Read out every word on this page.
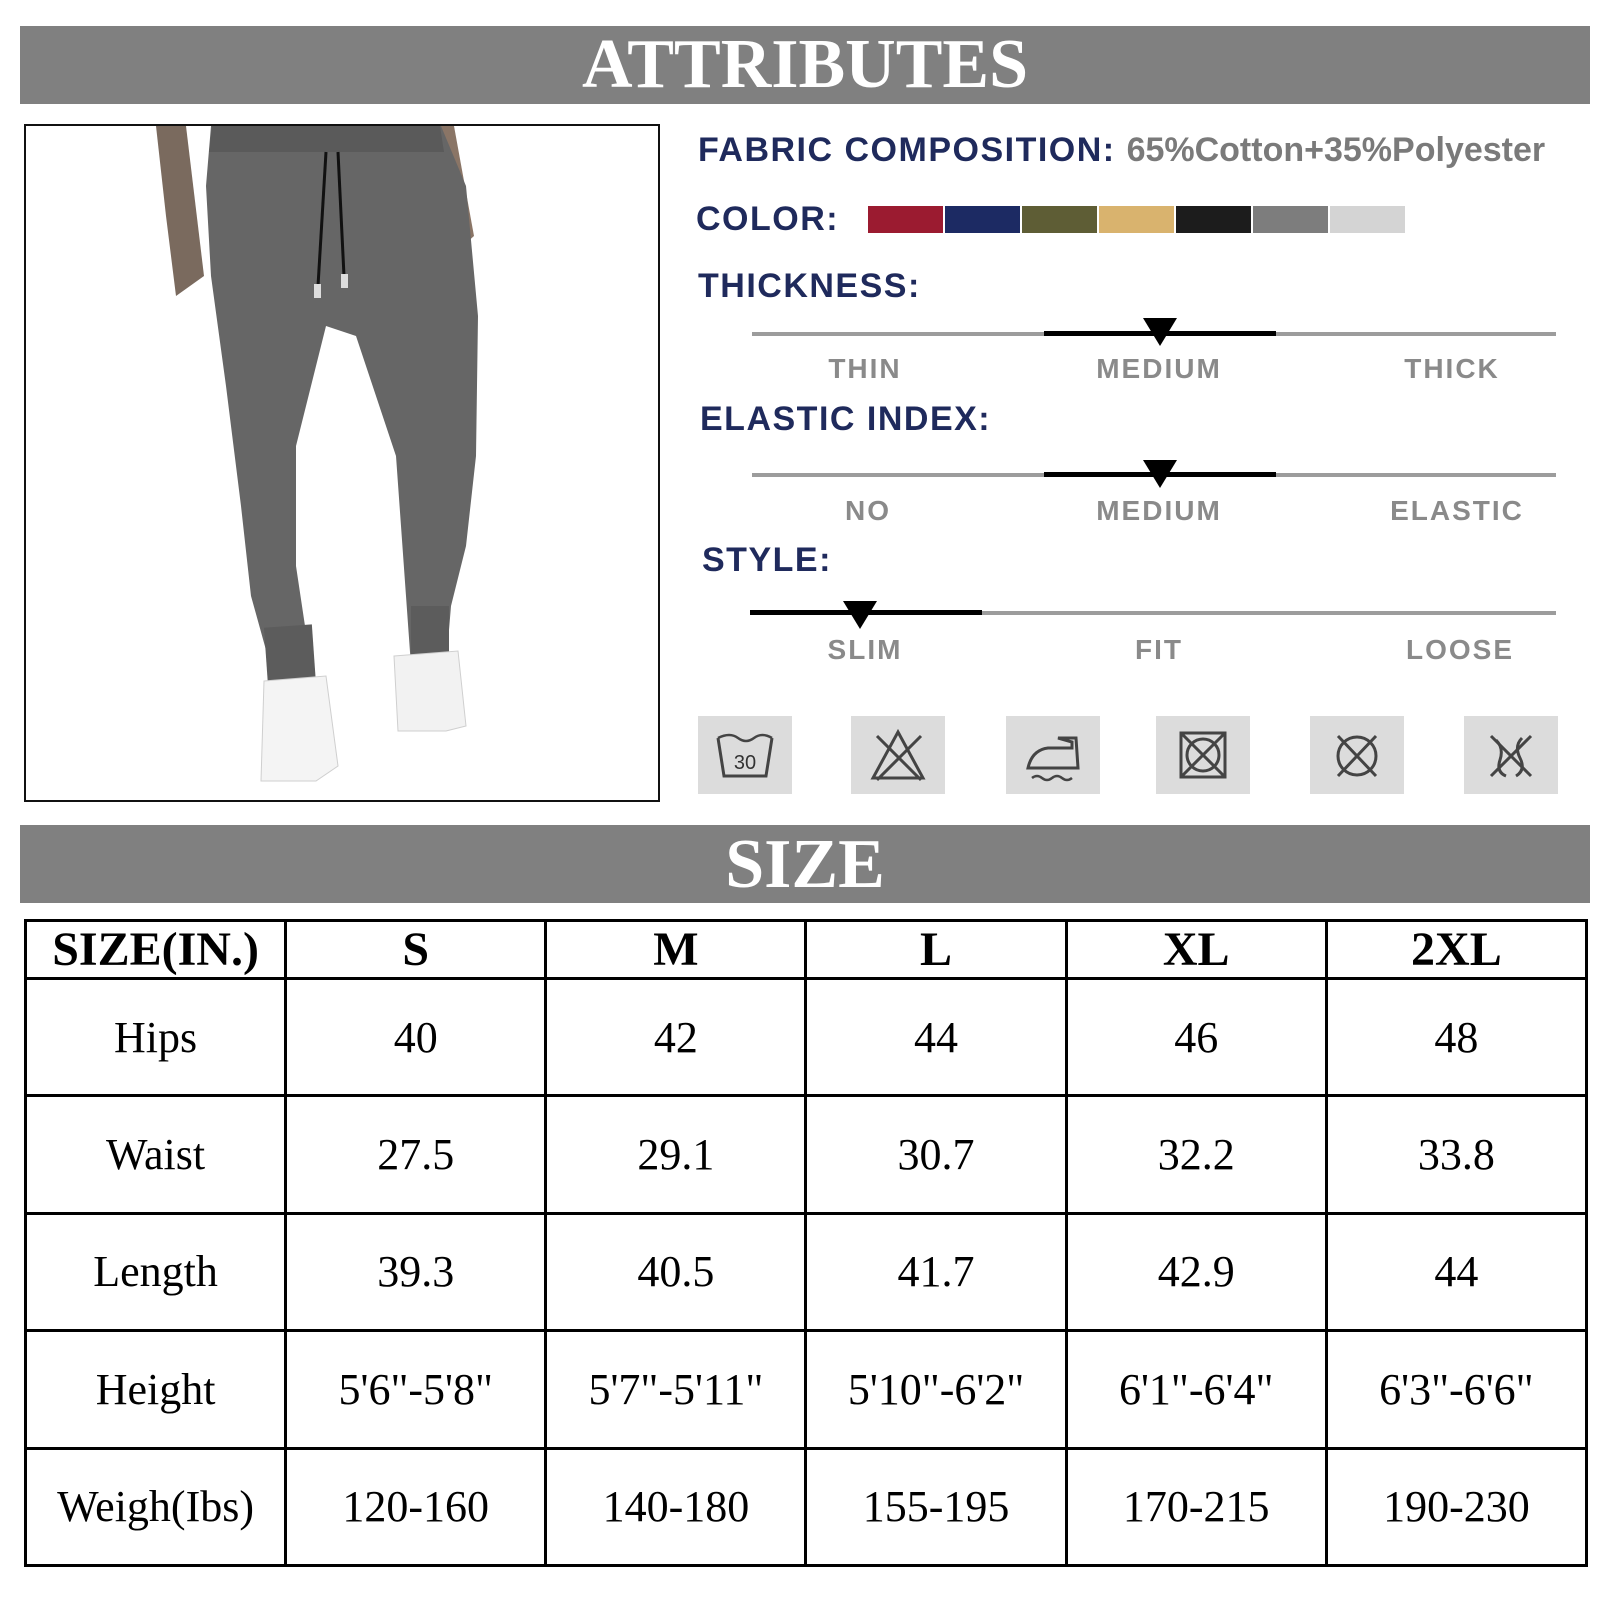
ATTRIBUTES
FABRIC COMPOSITION: 65%Cotton+35%Polyester
COLOR:
THICKNESS:
THIN	MEDIUM	THICK
ELASTIC INDEX:
NO	MEDIUM	ELASTIC
STYLE:
SLIM	FIT	LOOSE
30
SIZE
SIZE(IN.)	S	M	L	XL	2XL
Hips	40	42	44	46	48
Waist	27.5	29.1	30.7	32.2	33.8
Length	39.3	40.5	41.7	42.9	44
Height	5'6"-5'8"	5'7"-5'11"	5'10"-6'2"	6'1"-6'4"	6'3"-6'6"
Weigh(Ibs)	120-160	140-180	155-195	170-215	190-230
